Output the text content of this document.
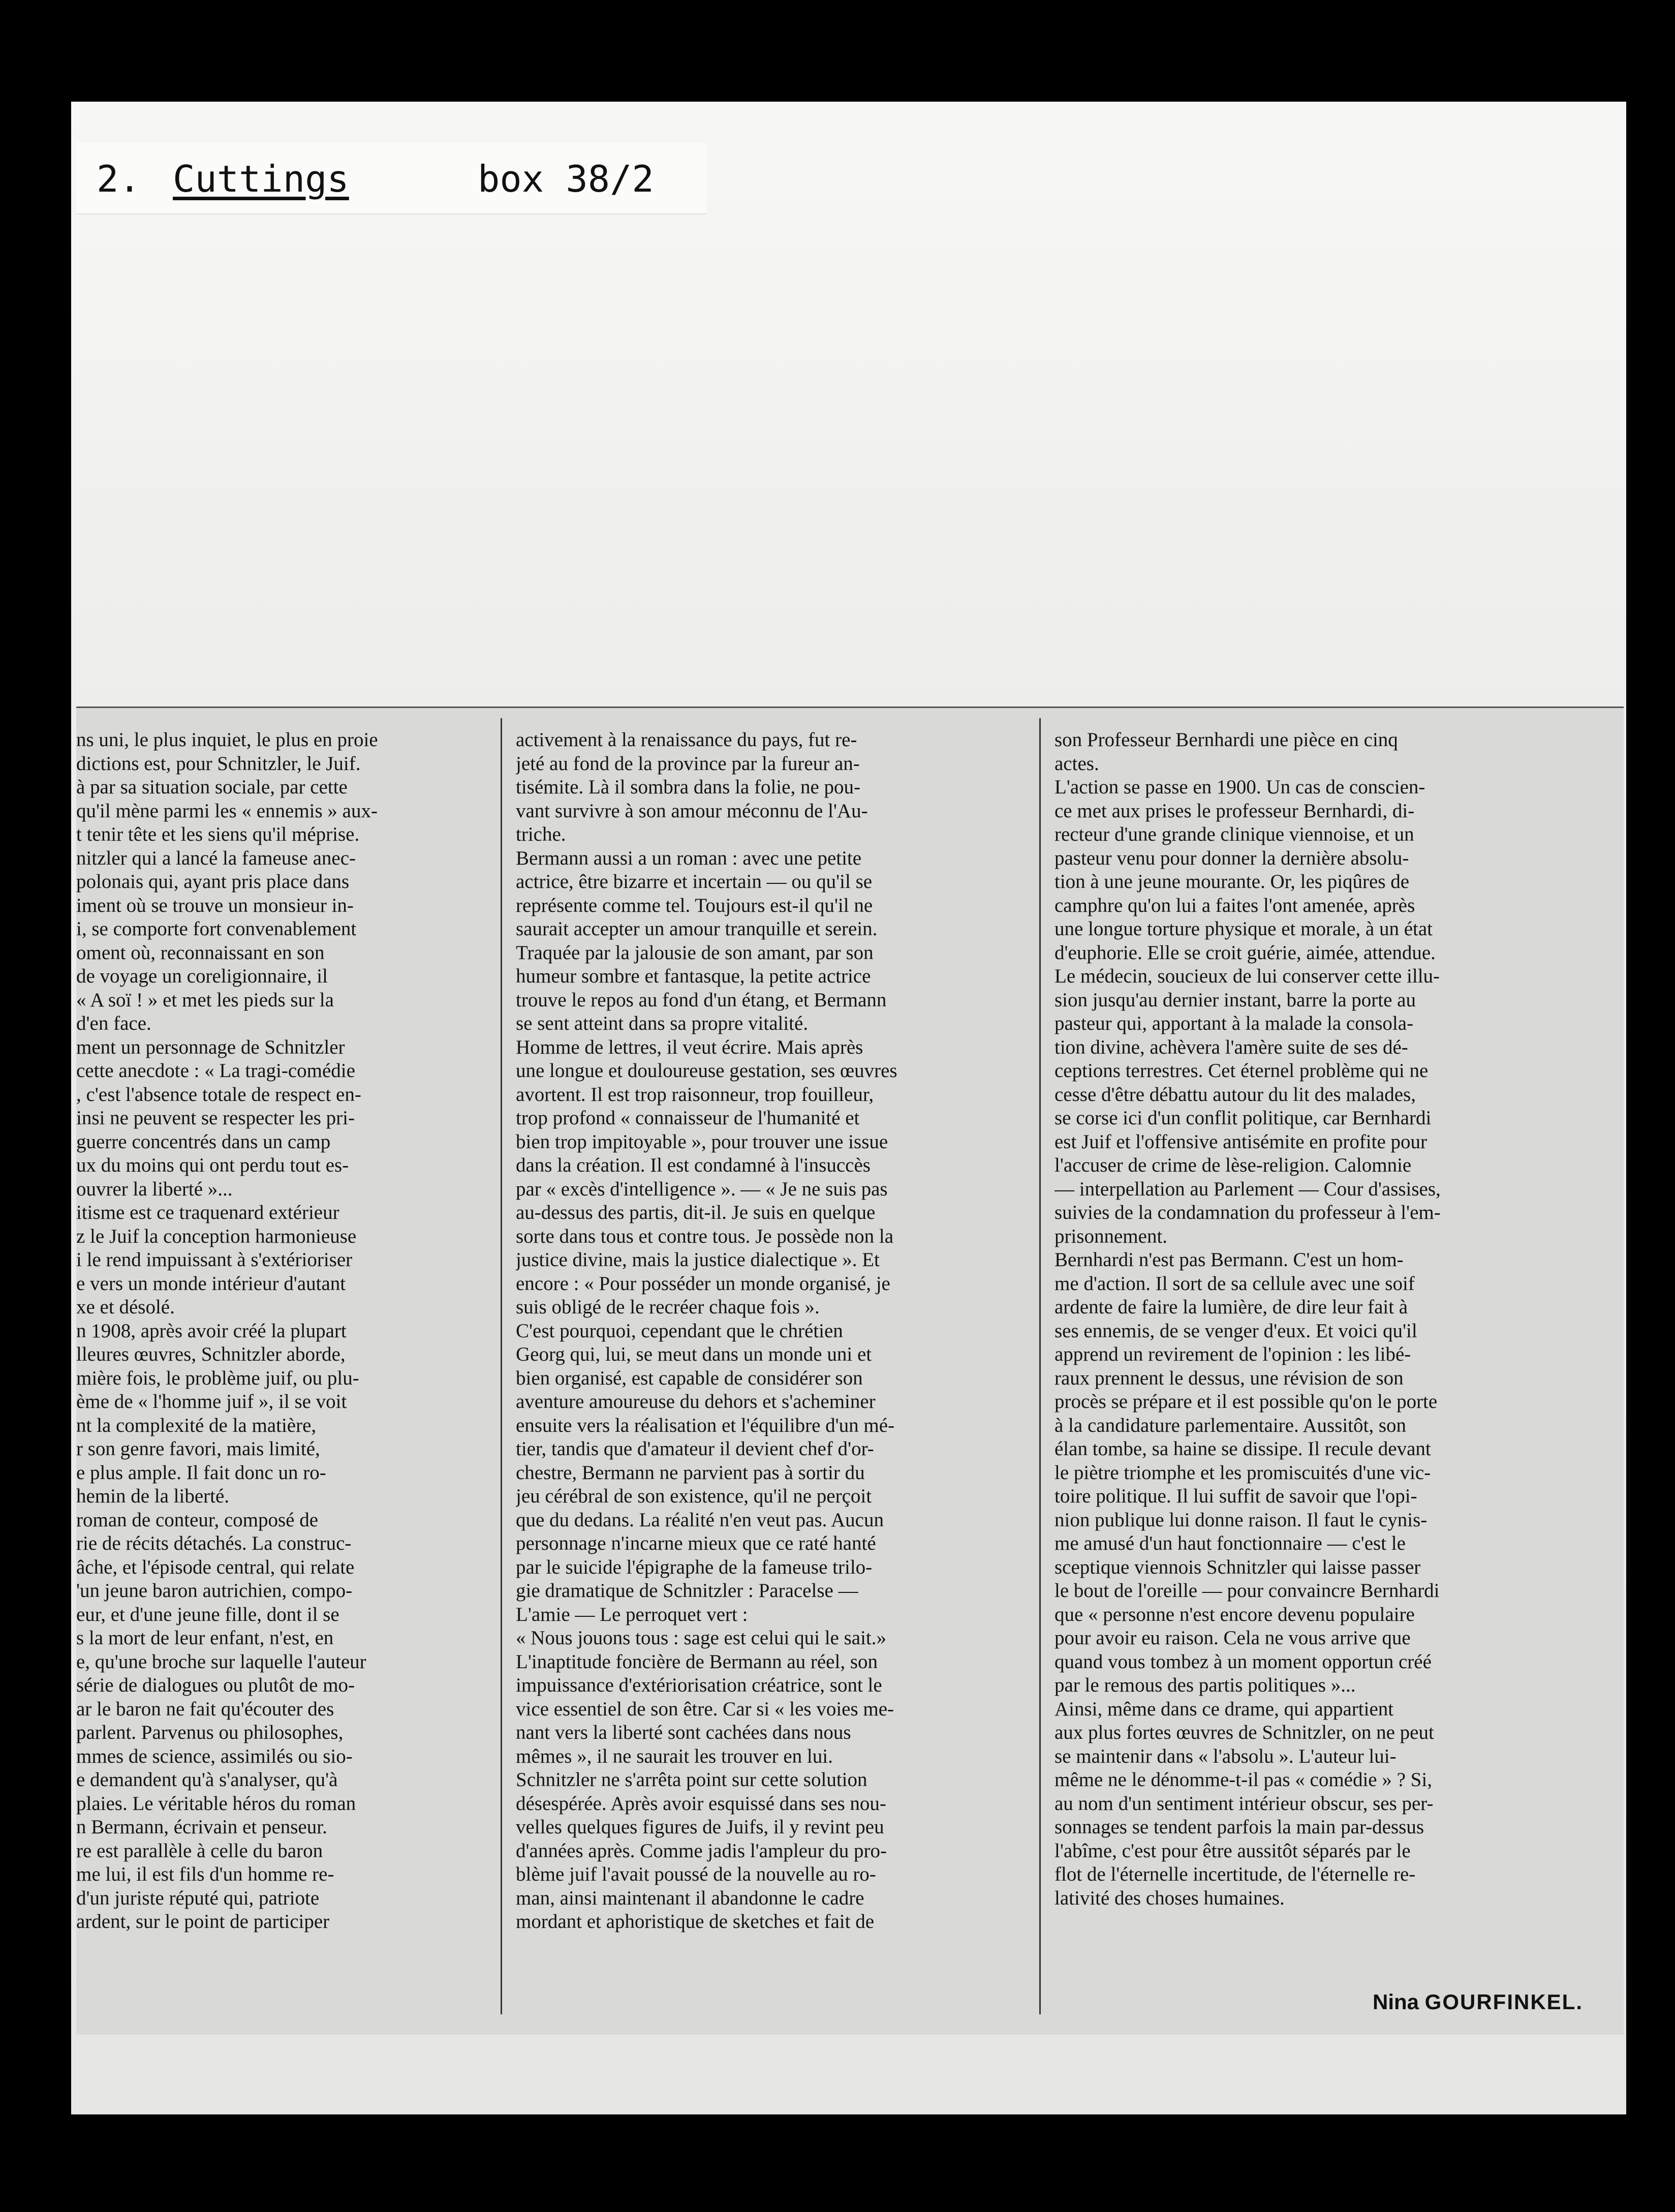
2. Cuttings	box 38/2
ns uni, le plus inquiet, le plus en proie
dictions est, pour Schnitzler, le Juif.
à par sa situation sociale, par cette
qu'il mène parmi les « ennemis » aux-
t tenir tête et les siens qu'il méprise.
nitzler qui a lancé la fameuse anec-
polonais qui, ayant pris place dans
iment où se trouve un monsieur in-
i, se comporte fort convenablement
oment où, reconnaissant en son
de voyage un coreligionnaire, il
« A soï ! » et met les pieds sur la
d'en face.
ment un personnage de Schnitzler
cette anecdote : « La tragi-comédie
, c'est l'absence totale de respect en-
insi ne peuvent se respecter les pri-
guerre concentrés dans un camp
ux du moins qui ont perdu tout es-
ouvrer la liberté »...
itisme est ce traquenard extérieur
z le Juif la conception harmonieuse
i le rend impuissant à s'extérioriser
e vers un monde intérieur d'autant
xe et désolé.
n 1908, après avoir créé la plupart
lleures œuvres, Schnitzler aborde,
mière fois, le problème juif, ou plu-
ème de « l'homme juif », il se voit
nt la complexité de la matière,
r son genre favori, mais limité,
e plus ample. Il fait donc un ro-
hemin de la liberté.
roman de conteur, composé de
rie de récits détachés. La construc-
âche, et l'épisode central, qui relate
'un jeune baron autrichien, compo-
eur, et d'une jeune fille, dont il se
s la mort de leur enfant, n'est, en
e, qu'une broche sur laquelle l'auteur
série de dialogues ou plutôt de mo-
ar le baron ne fait qu'écouter des
parlent. Parvenus ou philosophes,
mmes de science, assimilés ou sio-
e demandent qu'à s'analyser, qu'à
plaies. Le véritable héros du roman
n Bermann, écrivain et penseur.
re est parallèle à celle du baron
me lui, il est fils d'un homme re-
d'un juriste réputé qui, patriote
ardent, sur le point de participer
activement à la renaissance du pays, fut re-
jeté au fond de la province par la fureur an-
tisémite. Là il sombra dans la folie, ne pou-
vant survivre à son amour méconnu de l'Au-
triche.
Bermann aussi a un roman : avec une petite
actrice, être bizarre et incertain — ou qu'il se
représente comme tel. Toujours est-il qu'il ne
saurait accepter un amour tranquille et serein.
Traquée par la jalousie de son amant, par son
humeur sombre et fantasque, la petite actrice
trouve le repos au fond d'un étang, et Bermann
se sent atteint dans sa propre vitalité.
Homme de lettres, il veut écrire. Mais après
une longue et douloureuse gestation, ses œuvres
avortent. Il est trop raisonneur, trop fouilleur,
trop profond « connaisseur de l'humanité et
bien trop impitoyable », pour trouver une issue
dans la création. Il est condamné à l'insuccès
par « excès d'intelligence ». — « Je ne suis pas
au-dessus des partis, dit-il. Je suis en quelque
sorte dans tous et contre tous. Je possède non la
justice divine, mais la justice dialectique ». Et
encore : « Pour posséder un monde organisé, je
suis obligé de le recréer chaque fois ».
C'est pourquoi, cependant que le chrétien
Georg qui, lui, se meut dans un monde uni et
bien organisé, est capable de considérer son
aventure amoureuse du dehors et s'acheminer
ensuite vers la réalisation et l'équilibre d'un mé-
tier, tandis que d'amateur il devient chef d'or-
chestre, Bermann ne parvient pas à sortir du
jeu cérébral de son existence, qu'il ne perçoit
que du dedans. La réalité n'en veut pas. Aucun
personnage n'incarne mieux que ce raté hanté
par le suicide l'épigraphe de la fameuse trilo-
gie dramatique de Schnitzler : Paracelse —
L'amie — Le perroquet vert :
« Nous jouons tous : sage est celui qui le sait.»
L'inaptitude foncière de Bermann au réel, son
impuissance d'extériorisation créatrice, sont le
vice essentiel de son être. Car si « les voies me-
nant vers la liberté sont cachées dans nous
mêmes », il ne saurait les trouver en lui.
Schnitzler ne s'arrêta point sur cette solution
désespérée. Après avoir esquissé dans ses nou-
velles quelques figures de Juifs, il y revint peu
d'années après. Comme jadis l'ampleur du pro-
blème juif l'avait poussé de la nouvelle au ro-
man, ainsi maintenant il abandonne le cadre
mordant et aphoristique de sketches et fait de
son Professeur Bernhardi une pièce en cinq
actes.
L'action se passe en 1900. Un cas de conscien-
ce met aux prises le professeur Bernhardi, di-
recteur d'une grande clinique viennoise, et un
pasteur venu pour donner la dernière absolu-
tion à une jeune mourante. Or, les piqûres de
camphre qu'on lui a faites l'ont amenée, après
une longue torture physique et morale, à un état
d'euphorie. Elle se croit guérie, aimée, attendue.
Le médecin, soucieux de lui conserver cette illu-
sion jusqu'au dernier instant, barre la porte au
pasteur qui, apportant à la malade la consola-
tion divine, achèvera l'amère suite de ses dé-
ceptions terrestres. Cet éternel problème qui ne
cesse d'être débattu autour du lit des malades,
se corse ici d'un conflit politique, car Bernhardi
est Juif et l'offensive antisémite en profite pour
l'accuser de crime de lèse-religion. Calomnie
— interpellation au Parlement — Cour d'assises,
suivies de la condamnation du professeur à l'em-
prisonnement.
Bernhardi n'est pas Bermann. C'est un hom-
me d'action. Il sort de sa cellule avec une soif
ardente de faire la lumière, de dire leur fait à
ses ennemis, de se venger d'eux. Et voici qu'il
apprend un revirement de l'opinion : les libé-
raux prennent le dessus, une révision de son
procès se prépare et il est possible qu'on le porte
à la candidature parlementaire. Aussitôt, son
élan tombe, sa haine se dissipe. Il recule devant
le piètre triomphe et les promiscuités d'une vic-
toire politique. Il lui suffit de savoir que l'opi-
nion publique lui donne raison. Il faut le cynis-
me amusé d'un haut fonctionnaire — c'est le
sceptique viennois Schnitzler qui laisse passer
le bout de l'oreille — pour convaincre Bernhardi
que « personne n'est encore devenu populaire
pour avoir eu raison. Cela ne vous arrive que
quand vous tombez à un moment opportun créé
par le remous des partis politiques »...
Ainsi, même dans ce drame, qui appartient
aux plus fortes œuvres de Schnitzler, on ne peut
se maintenir dans « l'absolu ». L'auteur lui-
même ne le dénomme-t-il pas « comédie » ? Si,
au nom d'un sentiment intérieur obscur, ses per-
sonnages se tendent parfois la main par-dessus
l'abîme, c'est pour être aussitôt séparés par le
flot de l'éternelle incertitude, de l'éternelle re-
lativité des choses humaines.
Nina GOURFINKEL.
